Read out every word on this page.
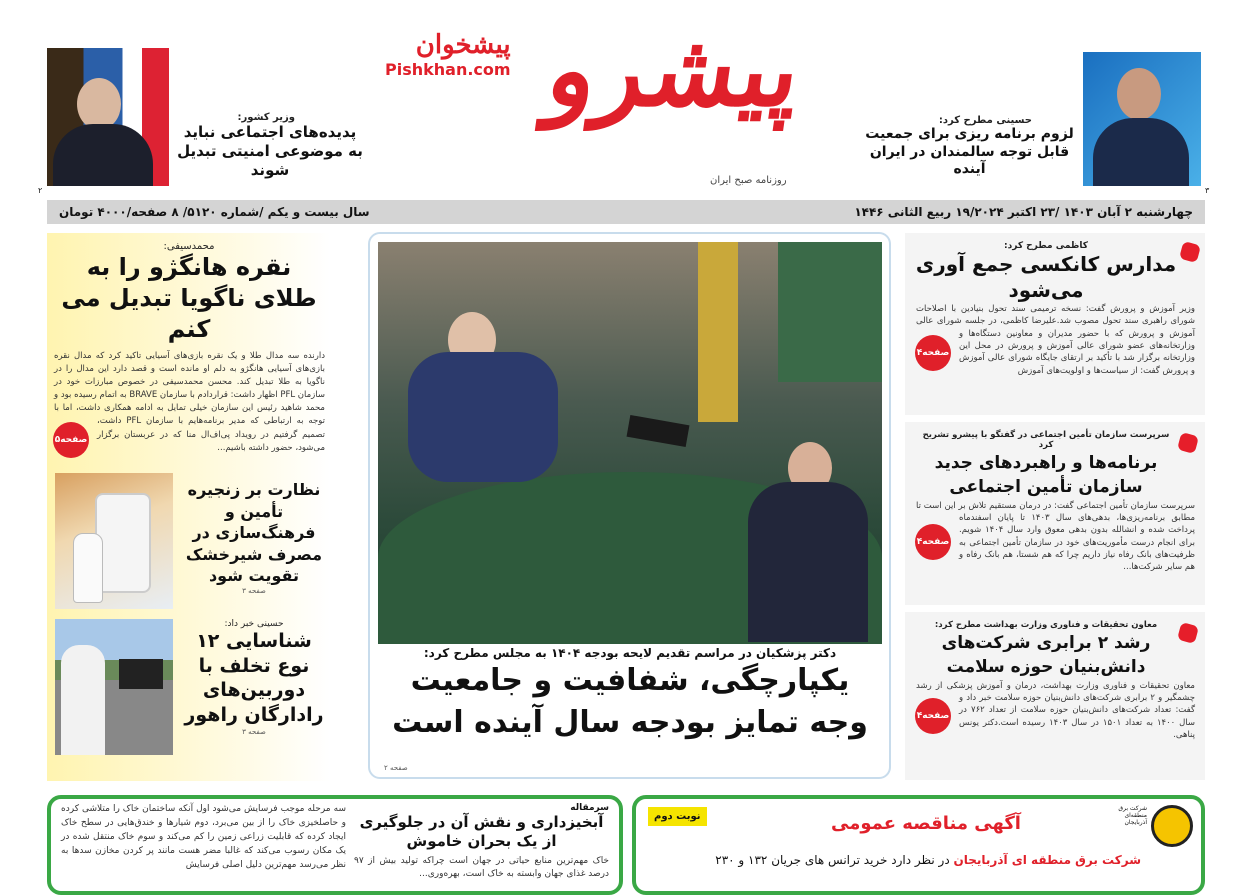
۲
وزیر کشور:
پدیده‌های اجتماعی نباید به موضوعی امنیتی تبدیل شوند
پیشخوان
Pishkhan.com پیشرو
روزنامه صبح ایران
حسینی مطرح کرد:
لزوم برنامه ریزی برای جمعیت قابل توجه سالمندان در ایران آینده
۳
چهارشنبه ۲ آبان ۱۴۰۳ /۲۳ اکتبر ۱۹/۲۰۲۴ ربیع الثانی ۱۴۴۶
سال بیست و یکم /شماره ۵۱۲۰/ ۸ صفحه/۴۰۰۰ تومان
محمدسیفی:
نقره هانگژو را به طلای ناگویا تبدیل می کنم
صفحه۵
دارنده سه مدال طلا و یک نقره بازی‌های آسیایی تاکید کرد که مدال نقره بازی‌های آسیایی هانگژو به دلم او مانده است و قصد دارد این مدال را در ناگویا به طلا تبدیل کند. محسن محمدسیفی در خصوص مبارزات خود در سازمان PFL اظهار داشت: قراردادم با سازمان BRAVE به اتمام رسیده بود و محمد شاهید رئیس این سازمان خیلی تمایل به ادامه همکاری داشت، اما با توجه به ارتباطی که مدیر برنامه‌هایم با سازمان PFL داشت، تصمیم گرفتیم در رویداد پی‌اف‌ال منا که در عربستان برگزار می‌شود، حضور داشته باشیم...
نظارت بر زنجیره تأمین و فرهنگ‌سازی در مصرف شیرخشک تقویت شود
صفحه ۳
حسینی خبر داد:
شناسایی ۱۲ نوع تخلف با دوربین‌های رادارگان راهور
صفحه ۳
دکتر پزشکیان در مراسم تقدیم لایحه بودجه ۱۴۰۴ به مجلس مطرح کرد:
یکپارچگی، شفافیت و جامعیت وجه تمایز بودجه سال آینده است
صفحه ۲
کاظمی مطرح کرد:
مدارس کانکسی جمع آوری می‌شود
صفحه۴
وزیر آموزش و پرورش گفت: نسخه ترمیمی سند تحول بنیادین با اصلاحات شورای راهبری سند تحول مصوب شد.علیرضا کاظمی، در جلسه شورای عالی آموزش و پرورش که با حضور مدیران و معاونین دستگاه‌ها و وزارتخانه‌های عضو شورای عالی آموزش و پرورش در محل این وزارتخانه برگزار شد با تأکید بر ارتقای جایگاه شورای عالی آموزش و پرورش گفت: از سیاست‌ها و اولویت‌های آموزش
سرپرست سازمان تأمین اجتماعی در گفتگو با پیشرو تشریح کرد
برنامه‌ها و راهبردهای جدید سازمان تأمین اجتماعی
صفحه۴
سرپرست سازمان تأمین اجتماعی گفت: در درمان مستقیم تلاش بر این است تا مطابق برنامه‌ریزی‌ها، بدهی‌های سال ۱۴۰۳ تا پایان اسفندماه پرداخت شده و انشالله بدون بدهی معوق وارد سال ۱۴۰۴ شویم. برای انجام درست مأموریت‌های خود در سازمان تأمین اجتماعی به ظرفیت‌های بانک رفاه نیاز داریم چرا که هم شستا، هم بانک رفاه و هم سایر شرکت‌ها...
معاون تحقیقات و فناوری وزارت بهداشت مطرح کرد:
رشد ۲ برابری شرکت‌های دانش‌بنیان حوزه سلامت
صفحه۴
معاون تحقیقات و فناوری وزارت بهداشت، درمان و آموزش پزشکی از رشد چشمگیر و ۲ برابری شرکت‌های دانش‌بنیان حوزه سلامت خبر داد و گفت: تعداد شرکت‌های دانش‌بنیان حوزه سلامت از تعداد ۷۶۲ در سال ۱۴۰۰ به تعداد ۱۵۰۱ در سال ۱۴۰۳ رسیده است.دکتر یونس پناهی.
سرمقاله
آبخیزداری و نقش آن در جلوگیری از یک بحران خاموش
خاک مهم‌ترین منابع حیاتی در جهان است چراکه تولید بیش از ۹۷ درصد غذای جهان وابسته به خاک است، بهره‌وری...
سه مرحله موجب فرسایش می‌شود اول آنکه ساختمان خاک را متلاشی کرده و حاصلخیزی خاک را از بین می‌برد، دوم شیارها و خندق‌هایی در سطح خاک ایجاد کرده که قابلیت زراعی زمین را کم می‌کند و سوم خاک منتقل شده در یک مکان رسوب می‌کند که غالبا مضر هست مانند پر کردن مخازن سدها به نظر می‌رسد مهم‌ترین دلیل اصلی فرسایش
شرکت برق منطقه‌ای آذربایجان
نوبت دوم	آگهی مناقصه عمومی
شرکت برق منطقه ای آذربایجان در نظر دارد خرید ترانس های جریان ۱۳۲ و ۲۳۰
